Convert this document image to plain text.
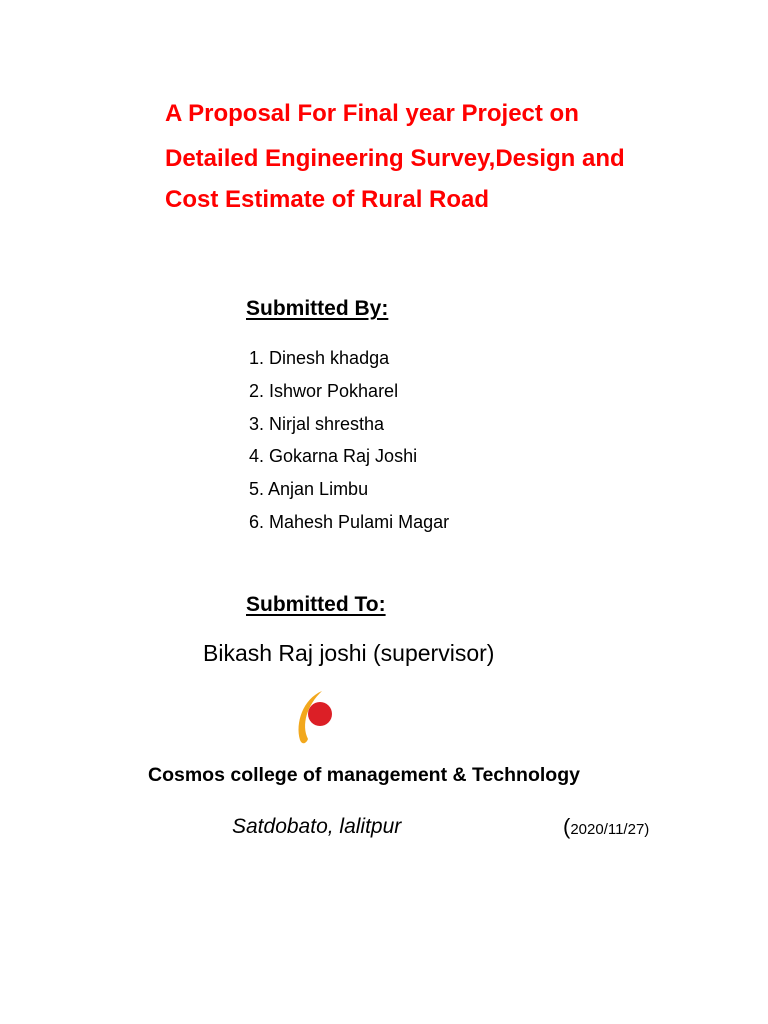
A Proposal For Final year Project on
Detailed Engineering Survey,Design and
Cost Estimate of Rural Road
Submitted By:
1. Dinesh khadga
2. Ishwor Pokharel
3. Nirjal shrestha
4. Gokarna Raj Joshi
5. Anjan Limbu
6. Mahesh Pulami Magar
Submitted To:
Bikash Raj joshi (supervisor)
Cosmos college of management & Technology
Satdobato, lalitpur	(2020/11/27)
